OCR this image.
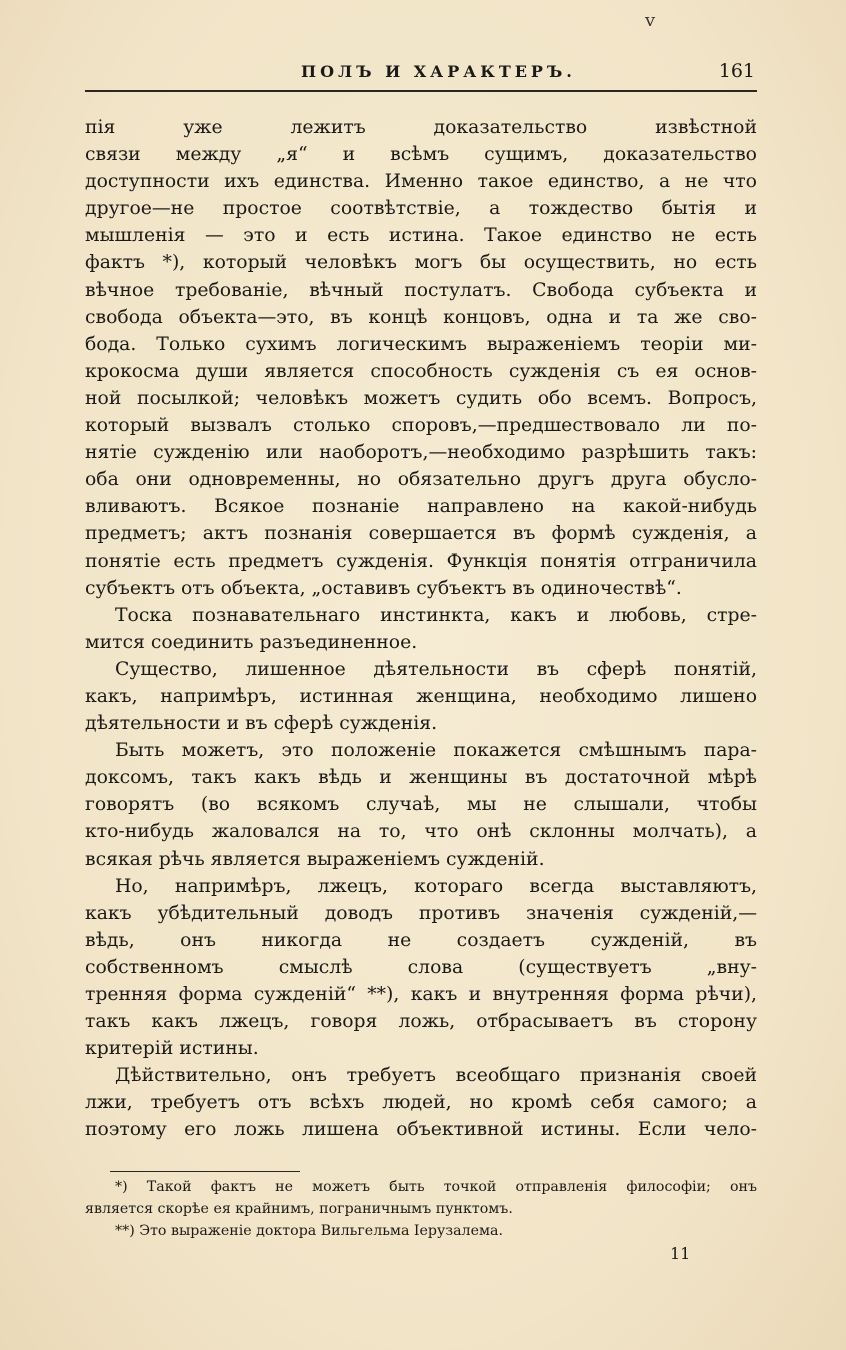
ⅴ
ПОЛЪ И ХАРАКТЕРЪ.	161
пія уже лежитъ доказательство извѣстной
связи между „я“ и всѣмъ сущимъ, доказательство
доступности ихъ единства. Именно такое единство, а не что
другое—не простое соотвѣтствіе, а тождество бытія и
мышленія — это и есть истина. Такое единство не есть
фактъ *), который человѣкъ могъ бы осуществить, но есть
вѣчное требованіе, вѣчный постулатъ. Свобода субъекта и
свобода объекта—это, въ концѣ концовъ, одна и та же сво-
бода. Только сухимъ логическимъ выраженіемъ теоріи ми-
крокосма души является способность сужденія съ ея основ-
ной посылкой; человѣкъ можетъ судить обо всемъ. Вопросъ,
который вызвалъ столько споровъ,—предшествовало ли по-
нятіе сужденію или наоборотъ,—необходимо разрѣшить такъ:
оба они одновременны, но обязательно другъ друга обусло-
вливаютъ. Всякое познаніе направлено на какой-нибудь
предметъ; актъ познанія совершается въ формѣ сужденія, а
понятіе есть предметъ сужденія. Функція понятія отграничила
субъектъ отъ объекта, „оставивъ субъектъ въ одиночествѣ“.
Тоска познавательнаго инстинкта, какъ и любовь, стре-
мится соединить разъединенное.
Существо, лишенное дѣятельности въ сферѣ понятій,
какъ, напримѣръ, истинная женщина, необходимо лишено
дѣятельности и въ сферѣ сужденія.
Быть можетъ, это положеніе покажется смѣшнымъ пара-
доксомъ, такъ какъ вѣдь и женщины въ достаточной мѣрѣ
говорятъ (во всякомъ случаѣ, мы не слышали, чтобы
кто-нибудь жаловался на то, что онѣ склонны молчать), а
всякая рѣчь является выраженіемъ сужденій.
Но, напримѣръ, лжецъ, котораго всегда выставляютъ,
какъ убѣдительный доводъ противъ значенія сужденій,—
вѣдь, онъ никогда не создаетъ сужденій, въ
собственномъ смыслѣ слова (существуетъ „вну-
тренняя форма сужденій“ **), какъ и внутренняя форма рѣчи),
такъ какъ лжецъ, говоря ложь, отбрасываетъ въ сторону
критерій истины.
Дѣйствительно, онъ требуетъ всеобщаго признанія своей
лжи, требуетъ отъ всѣхъ людей, но кромѣ себя самого; а
поэтому его ложь лишена объективной истины. Если чело-
*) Такой фактъ не можетъ быть точкой отправленія философіи; онъ
является скорѣе ея крайнимъ, пограничнымъ пунктомъ.
**) Это выраженіе доктора Вильгельма Іерузалема.
11
